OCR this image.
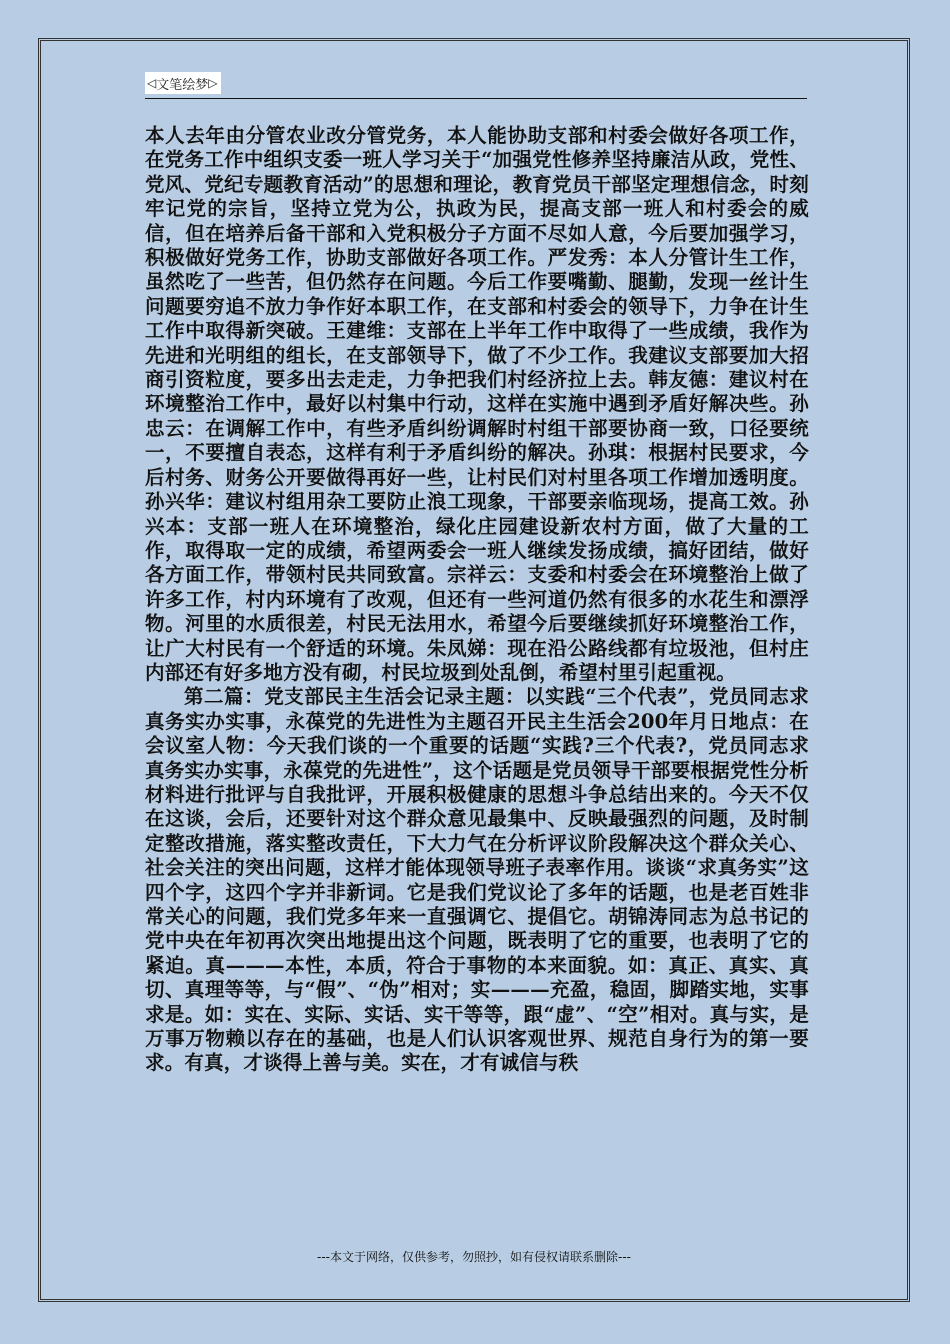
◁ 文笔绘梦 ▷

本人去年由分管农业改分管党务，本人能协助支部和村委会做好各项工作，在党务工作中组织支委一班人学习关于“加强党性修养坚持廉洁从政，党性、党风、党纪专题教育活动”的思想和理论，教育党员干部坚定理想信念，时刻牢记党的宗旨，坚持立党为公，执政为民，提高支部一班人和村委会的威信，但在培养后备干部和入党积极分子方面不尽如人意，今后要加强学习，积极做好党务工作，协助支部做好各项工作。严发秀：本人分管计生工作，虽然吃了一些苦，但仍然存在问题。今后工作要嘴勤、腿勤，发现一丝计生问题要穷追不放力争作好本职工作，在支部和村委会的领导下，力争在计生工作中取得新突破。王建维：支部在上半年工作中取得了一些成绩，我作为先进和光明组的组长，在支部领导下，做了不少工作。我建议支部要加大招商引资粒度，要多出去走走，力争把我们村经济拉上去。韩友德：建议村在环境整治工作中，最好以村集中行动，这样在实施中遇到矛盾好解决些。孙忠云：在调解工作中，有些矛盾纠纷调解时村组干部要协商一致，口径要统一，不要擅自表态，这样有利于矛盾纠纷的解决。孙琪：根据村民要求，今后村务、财务公开要做得再好一些，让村民们对村里各项工作增加透明度。孙兴华：建议村组用杂工要防止浪工现象，干部要亲临现场，提高工效。孙兴本：支部一班人在环境整治，绿化庄园建设新农村方面，做了大量的工作，取得取一定的成绩，希望两委会一班人继续发扬成绩，搞好团结，做好各方面工作，带领村民共同致富。宗祥云：支委和村委会在环境整治上做了许多工作，村内环境有了改观，但还有一些河道仍然有很多的水花生和漂浮物。河里的水质很差，村民无法用水，希望今后要继续抓好环境整治工作，让广大村民有一个舒适的环境。朱凤娣：现在沿公路线都有垃圾池，但村庄内部还有好多地方没有砌，村民垃圾到处乱倒，希望村里引起重视。

第二篇：党支部民主生活会记录主题：以实践“三个代表”，党员同志求真务实办实事，永葆党的先进性为主题召开民主生活会200年月日地点：在会议室人物：今天我们谈的一个重要的话题“实践?三个代表?，党员同志求真务实办实事，永葆党的先进性”，这个话题是党员领导干部要根据党性分析材料进行批评与自我批评，开展积极健康的思想斗争总结出来的。今天不仅在这谈，会后，还要针对这个群众意见最集中、反映最强烈的问题，及时制定整改措施，落实整改责任，下大力气在分析评议阶段解决这个群众关心、社会关注的突出问题，这样才能体现领导班子表率作用。谈谈“求真务实”这四个字，这四个字并非新词。它是我们党议论了多年的话题，也是老百姓非常关心的问题，我们党多年来一直强调它、提倡它。胡锦涛同志为总书记的党中央在年初再次突出地提出这个问题，既表明了它的重要，也表明了它的紧迫。真———本性，本质，符合于事物的本来面貌。如：真正、真实、真切、真理等等，与“假”、“伪”相对；实———充盈，稳固，脚踏实地，实事求是。如：实在、实际、实话、实干等等，跟“虚”、“空”相对。真与实，是万事万物赖以存在的基础，也是人们认识客观世界、规范自身行为的第一要求。有真，才谈得上善与美。实在，才有诚信与秩

---本文于网络，仅供参考，勿照抄，如有侵权请联系删除---
